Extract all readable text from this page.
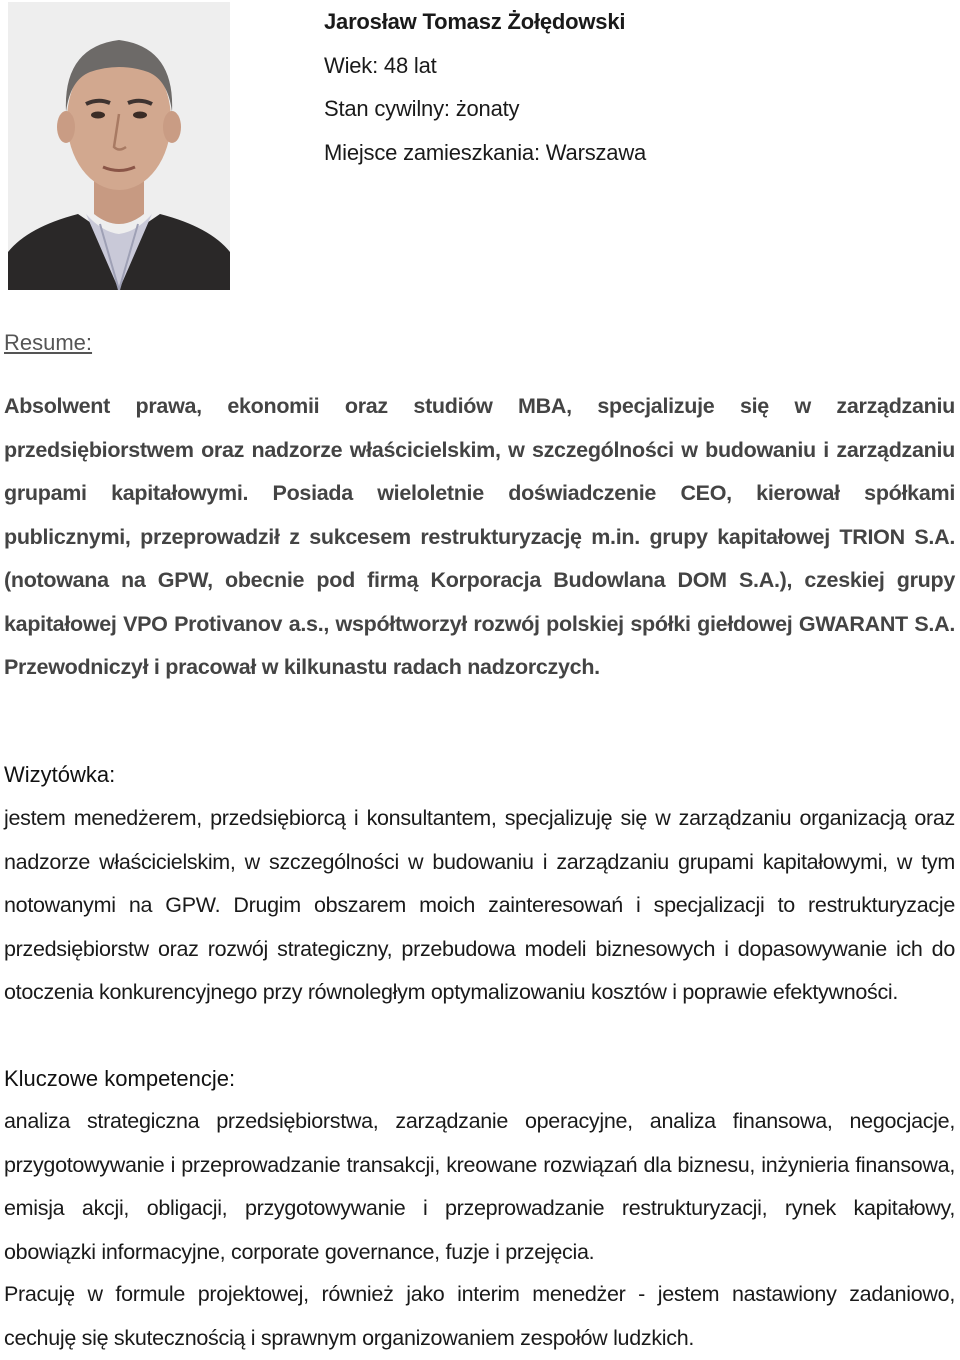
Jarosław Tomasz Żołędowski
Wiek: 48 lat
Stan cywilny: żonaty
Miejsce zamieszkania: Warszawa
Resume:

Absolwent prawa, ekonomii oraz studiów MBA, specjalizuje się w zarządzaniu przedsiębiorstwem oraz nadzorze właścicielskim, w szczególności w budowaniu i zarządzaniu grupami kapitałowymi. Posiada wieloletnie doświadczenie CEO, kierował spółkami publicznymi, przeprowadził z sukcesem restrukturyzację m.in. grupy kapitałowej TRION S.A. (notowana na GPW, obecnie pod firmą Korporacja Budowlana DOM S.A.), czeskiej grupy kapitałowej VPO Protivanov a.s., współtworzył rozwój polskiej spółki giełdowej GWARANT S.A. Przewodniczył i pracował w kilkunastu radach nadzorczych.

Wizytówka:

jestem menedżerem, przedsiębiorcą i konsultantem, specjalizuję się w zarządzaniu organizacją oraz nadzorze właścicielskim, w szczególności w budowaniu i zarządzaniu grupami kapitałowymi, w tym notowanymi na GPW. Drugim obszarem moich zainteresowań i specjalizacji to restrukturyzacje przedsiębiorstw oraz rozwój strategiczny, przebudowa modeli biznesowych i dopasowywanie ich do otoczenia konkurencyjnego przy równoległym optymalizowaniu kosztów i poprawie efektywności.

Kluczowe kompetencje:

analiza strategiczna przedsiębiorstwa, zarządzanie operacyjne, analiza finansowa, negocjacje, przygotowywanie i przeprowadzanie transakcji, kreowane rozwiązań dla biznesu, inżynieria finansowa, emisja akcji, obligacji, przygotowywanie i przeprowadzanie restrukturyzacji, rynek kapitałowy, obowiązki informacyjne, corporate governance, fuzje i przejęcia.

Pracuję w formule projektowej, również jako interim menedżer - jestem nastawiony zadaniowo, cechuję się skutecznością i sprawnym organizowaniem zespołów ludzkich.
